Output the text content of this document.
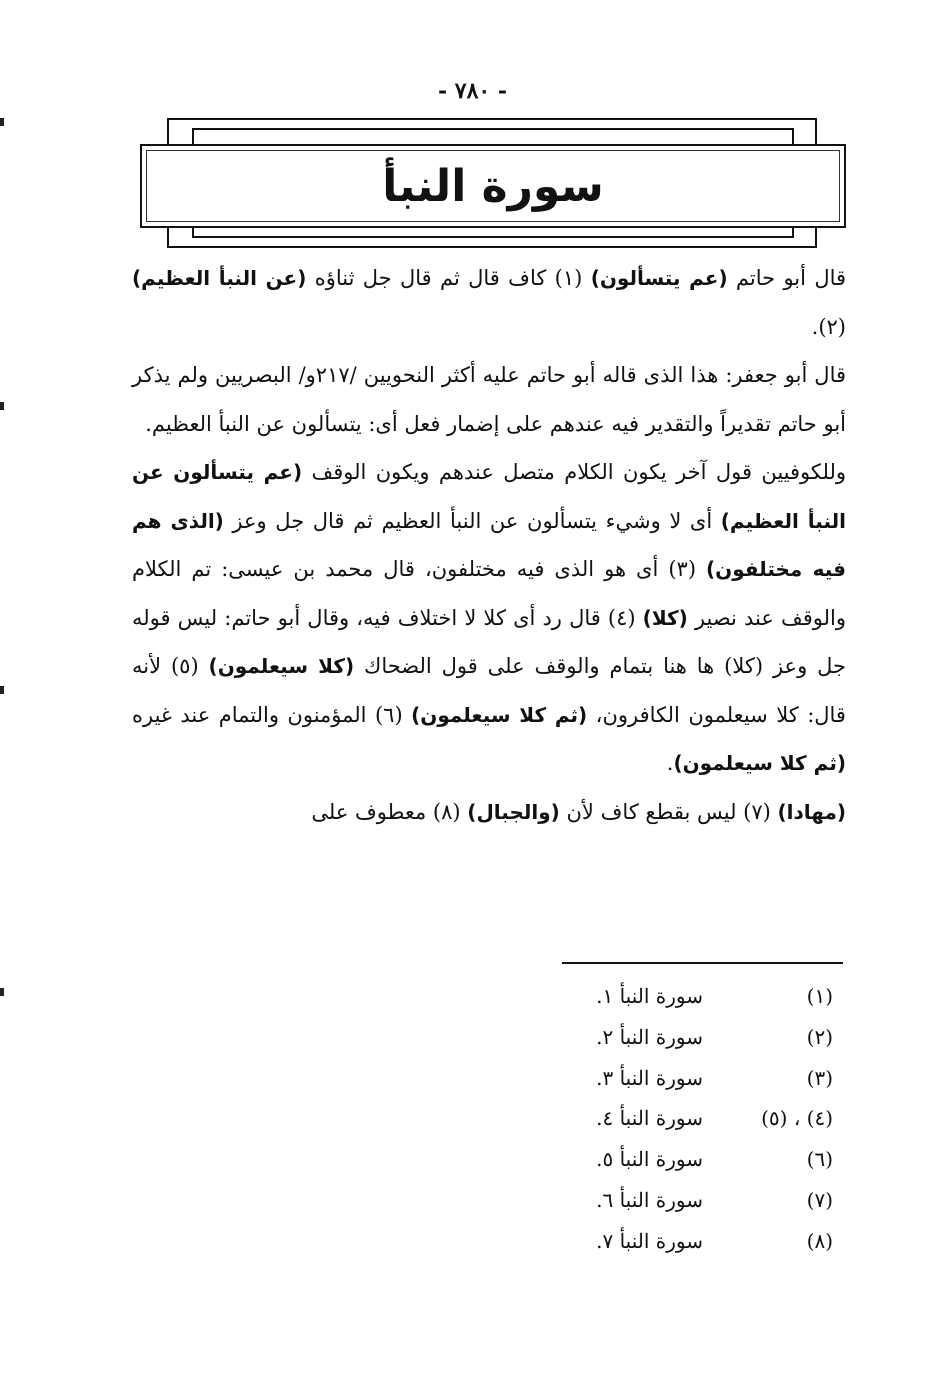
- ٧٨٠ -
سورة النبأ

قال أبو حاتم (عم يتسألون) (١) كاف قال ثم قال جل ثناؤه (عن النبأ العظيم) (٢).

قال أبو جعفر: هذا الذى قاله أبو حاتم عليه أكثر النحويين /٢١٧و/ البصريين ولم يذكر أبو حاتم تقديراً والتقدير فيه عندهم على إضمار فعل أى: يتسألون عن النبأ العظيم.

وللكوفيين قول آخر يكون الكلام متصل عندهم ويكون الوقف (عم يتسألون عن النبأ العظيم) أى لا وشيء يتسألون عن النبأ العظيم ثم قال جل وعز (الذى هم فيه مختلفون) (٣) أى هو الذى فيه مختلفون، قال محمد بن عيسى: تم الكلام والوقف عند نصير (كلا) (٤) قال رد أى كلا لا اختلاف فيه، وقال أبو حاتم: ليس قوله جل وعز (كلا) ها هنا بتمام والوقف على قول الضحاك (كلا سيعلمون) (٥) لأنه قال: كلا سيعلمون الكافرون، (ثم كلا سيعلمون) (٦) المؤمنون والتمام عند غيره (ثم كلا سيعلمون).

(مهادا) (٧) ليس بقطع كاف لأن (والجبال) (٨) معطوف على

(١)
سورة النبأ ١.
(٢)
سورة النبأ ٢.
(٣)
سورة النبأ ٣.
(٤) ، (٥)
سورة النبأ ٤.
(٦)
سورة النبأ ٥.
(٧)
سورة النبأ ٦.
(٨)
سورة النبأ ٧.
